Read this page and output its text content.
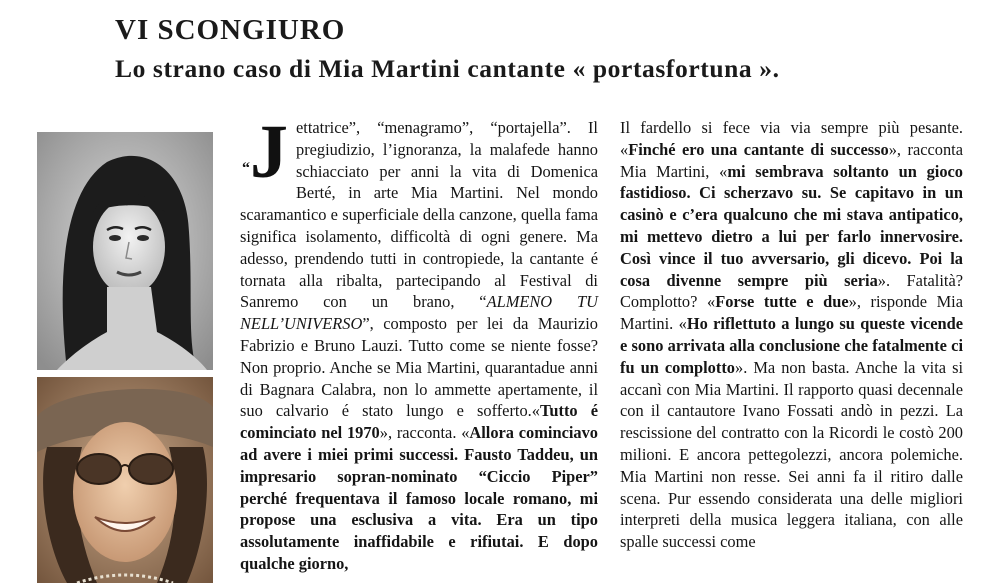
VI SCONGIURO
Lo strano caso di Mia Martini cantante « portasfortuna ».

“J ettatrice”, “menagramo”, “portajella”. Il pregiudizio, l’ignoranza, la malafede hanno schiacciato per anni la vita di Domenica Berté, in arte Mia Martini. Nel mondo scaramantico e superficiale della canzone, quella fama significa isolamento, difficoltà di ogni genere. Ma adesso, prendendo tutti in contropiede, la cantante é tornata alla ribalta, partecipando al Festival di Sanremo con un brano, “ALMENO TU NELL’UNIVERSO”, composto per lei da Maurizio Fabrizio e Bruno Lauzi. Tutto come se niente fosse? Non proprio. Anche se Mia Martini, quarantadue anni di Bagnara Calabra, non lo ammette apertamente, il suo calvario é stato lungo e sofferto.«Tutto é cominciato nel 1970», racconta. «Allora cominciavo ad avere i miei primi successi. Fausto Taddeu, un impresario sopran-nominato “Ciccio Piper” perché frequentava il famoso locale romano, mi propose una esclusiva a vita. Era un tipo assolutamente inaffidabile e rifiutai. E dopo qualche giorno,

Il fardello si fece via via sempre più pesante. «Finché ero una cantante di successo», racconta Mia Martini, «mi sembrava soltanto un gioco fastidioso. Ci scherzavo su. Se capitavo in un casinò e c’era qualcuno che mi stava antipatico, mi mettevo dietro a lui per farlo innervosire. Così vince il tuo avversario, gli dicevo. Poi la cosa divenne sempre più seria». Fatalità? Complotto? «Forse tutte e due», risponde Mia Martini. «Ho riflettuto a lungo su queste vicende e sono arrivata alla conclusione che fatalmente ci fu un complotto». Ma non basta. Anche la vita si accanì con Mia Martini. Il rapporto quasi decennale con il cantautore Ivano Fossati andò in pezzi. La rescissione del contratto con la Ricordi le costò 200 milioni. E ancora pettegolezzi, ancora polemiche. Mia Martini non resse. Sei anni fa il ritiro dalle scena. Pur essendo considerata una delle migliori interpreti della musica leggera italiana, con alle spalle successi come
